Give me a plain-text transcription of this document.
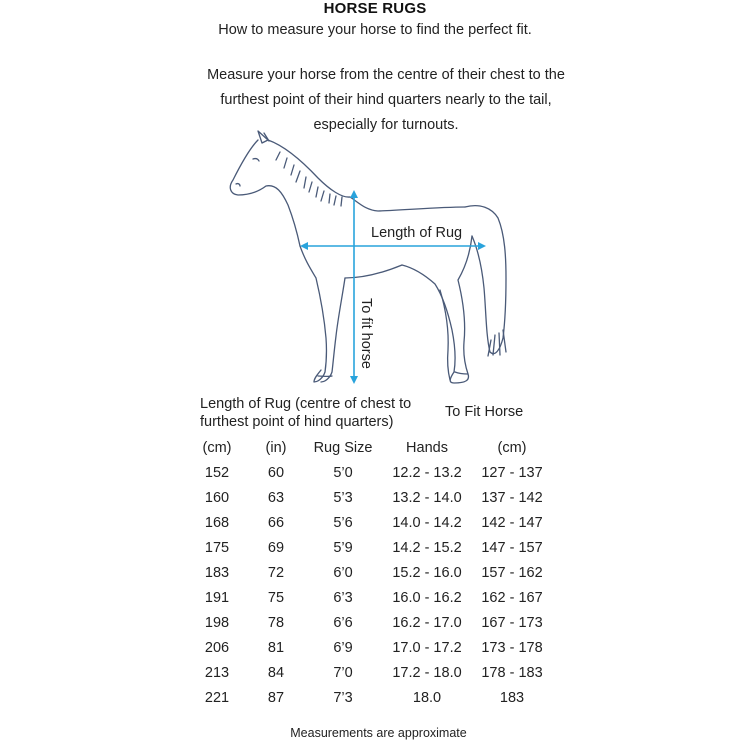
HORSE RUGS
How to measure your horse to find the perfect fit.
Measure your horse from the centre of their chest to the
furthest point of their hind quarters nearly to the tail,
especially for turnouts.
Length of Rug
To fit horse
Length of Rug (centre of chest to
furthest point of hind quarters)
To Fit Horse
(cm)	(in)	Rug Size	Hands	(cm)
152	60	5’0	12.2 - 13.2	127 - 137
160	63	5’3	13.2 - 14.0	137 - 142
168	66	5’6	14.0 - 14.2	142 - 147
175	69	5’9	14.2 - 15.2	147 - 157
183	72	6’0	15.2 - 16.0	157 - 162
191	75	6’3	16.0 - 16.2	162 - 167
198	78	6’6	16.2 - 17.0	167 - 173
206	81	6’9	17.0 - 17.2	173 - 178
213	84	7’0	17.2 - 18.0	178 - 183
221	87	7’3	18.0	183
Measurements are approximate
